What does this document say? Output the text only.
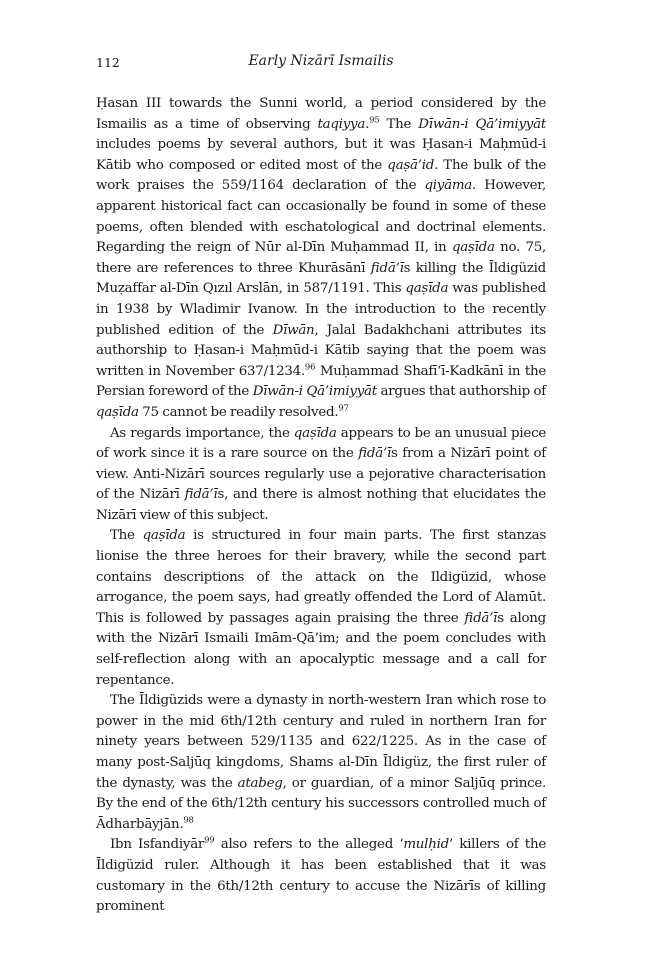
112	Early Nizārī Ismailis

Ḥasan III towards the Sunni world, a period considered by the Ismailis as a time of observing taqiyya.$^{95}$ The Dīwān-i Qā’imiyyāt includes poems by several authors, but it was Ḥasan-i Maḥmūd-i Kātib who composed or edited most of the qaṣā’id. The bulk of the work praises the 559/1164 declaration of the qiyāma. However, apparent historical fact can occasionally be found in some of these poems, often blended with eschatological and doctrinal elements. Regarding the reign of Nūr al-Dīn Muḥammad II, in qaṣīda no. 75, there are references to three Khurāsānī fidā’īs killing the Īldigüzid Muẓaffar al-Dīn Qızıl Arslān, in 587/1191. This qaṣīda was published in 1938 by Wladimir Ivanow. In the introduction to the recently published edition of the Dīwān, Jalal Badakhchani attributes its authorship to Ḥasan-i Maḥmūd-i Kātib saying that the poem was written in November 637/1234.96 Muḥammad Shafī‘ī-Kadkānī in the Persian foreword of the Dīwān-i Qā’imiyyāt argues that authorship of qaṣīda 75 cannot be readily resolved.$^{97}$

As regards importance, the qaṣīda appears to be an unusual piece of work since it is a rare source on the fidā’īs from a Nizārī point of view. Anti-Nizārī sources regularly use a pejorative characterisation of the Nizārī fidā’īs, and there is almost nothing that elucidates the Nizārī view of this subject.

The qaṣīda is structured in four main parts. The first stanzas lionise the three heroes for their bravery, while the second part contains descriptions of the attack on the Ildigüzid, whose arrogance, the poem says, had greatly offended the Lord of Alamūt. This is followed by passages again praising the three fidā’īs along with the Nizārī Ismaili Imām-Qā’im; and the poem concludes with self-reflection along with an apocalyptic message and a call for repentance.

The Īldigüzids were a dynasty in north-western Iran which rose to power in the mid 6th/12th century and ruled in northern Iran for ninety years between 529/1135 and 622/1225. As in the case of many post-Saljūq kingdoms, Shams al-Dīn Īldigüz, the first ruler of the dynasty, was the atabeg, or guardian, of a minor Saljūq prince. By the end of the 6th/12th century his successors controlled much of Ādharbāyjān.$^{98}$

Ibn Isfandiyār$^{99}$ also refers to the alleged ‘mulḥid’ killers of the Īldigüzid ruler. Although it has been established that it was customary in the 6th/12th century to accuse the Nizārīs of killing prominent
